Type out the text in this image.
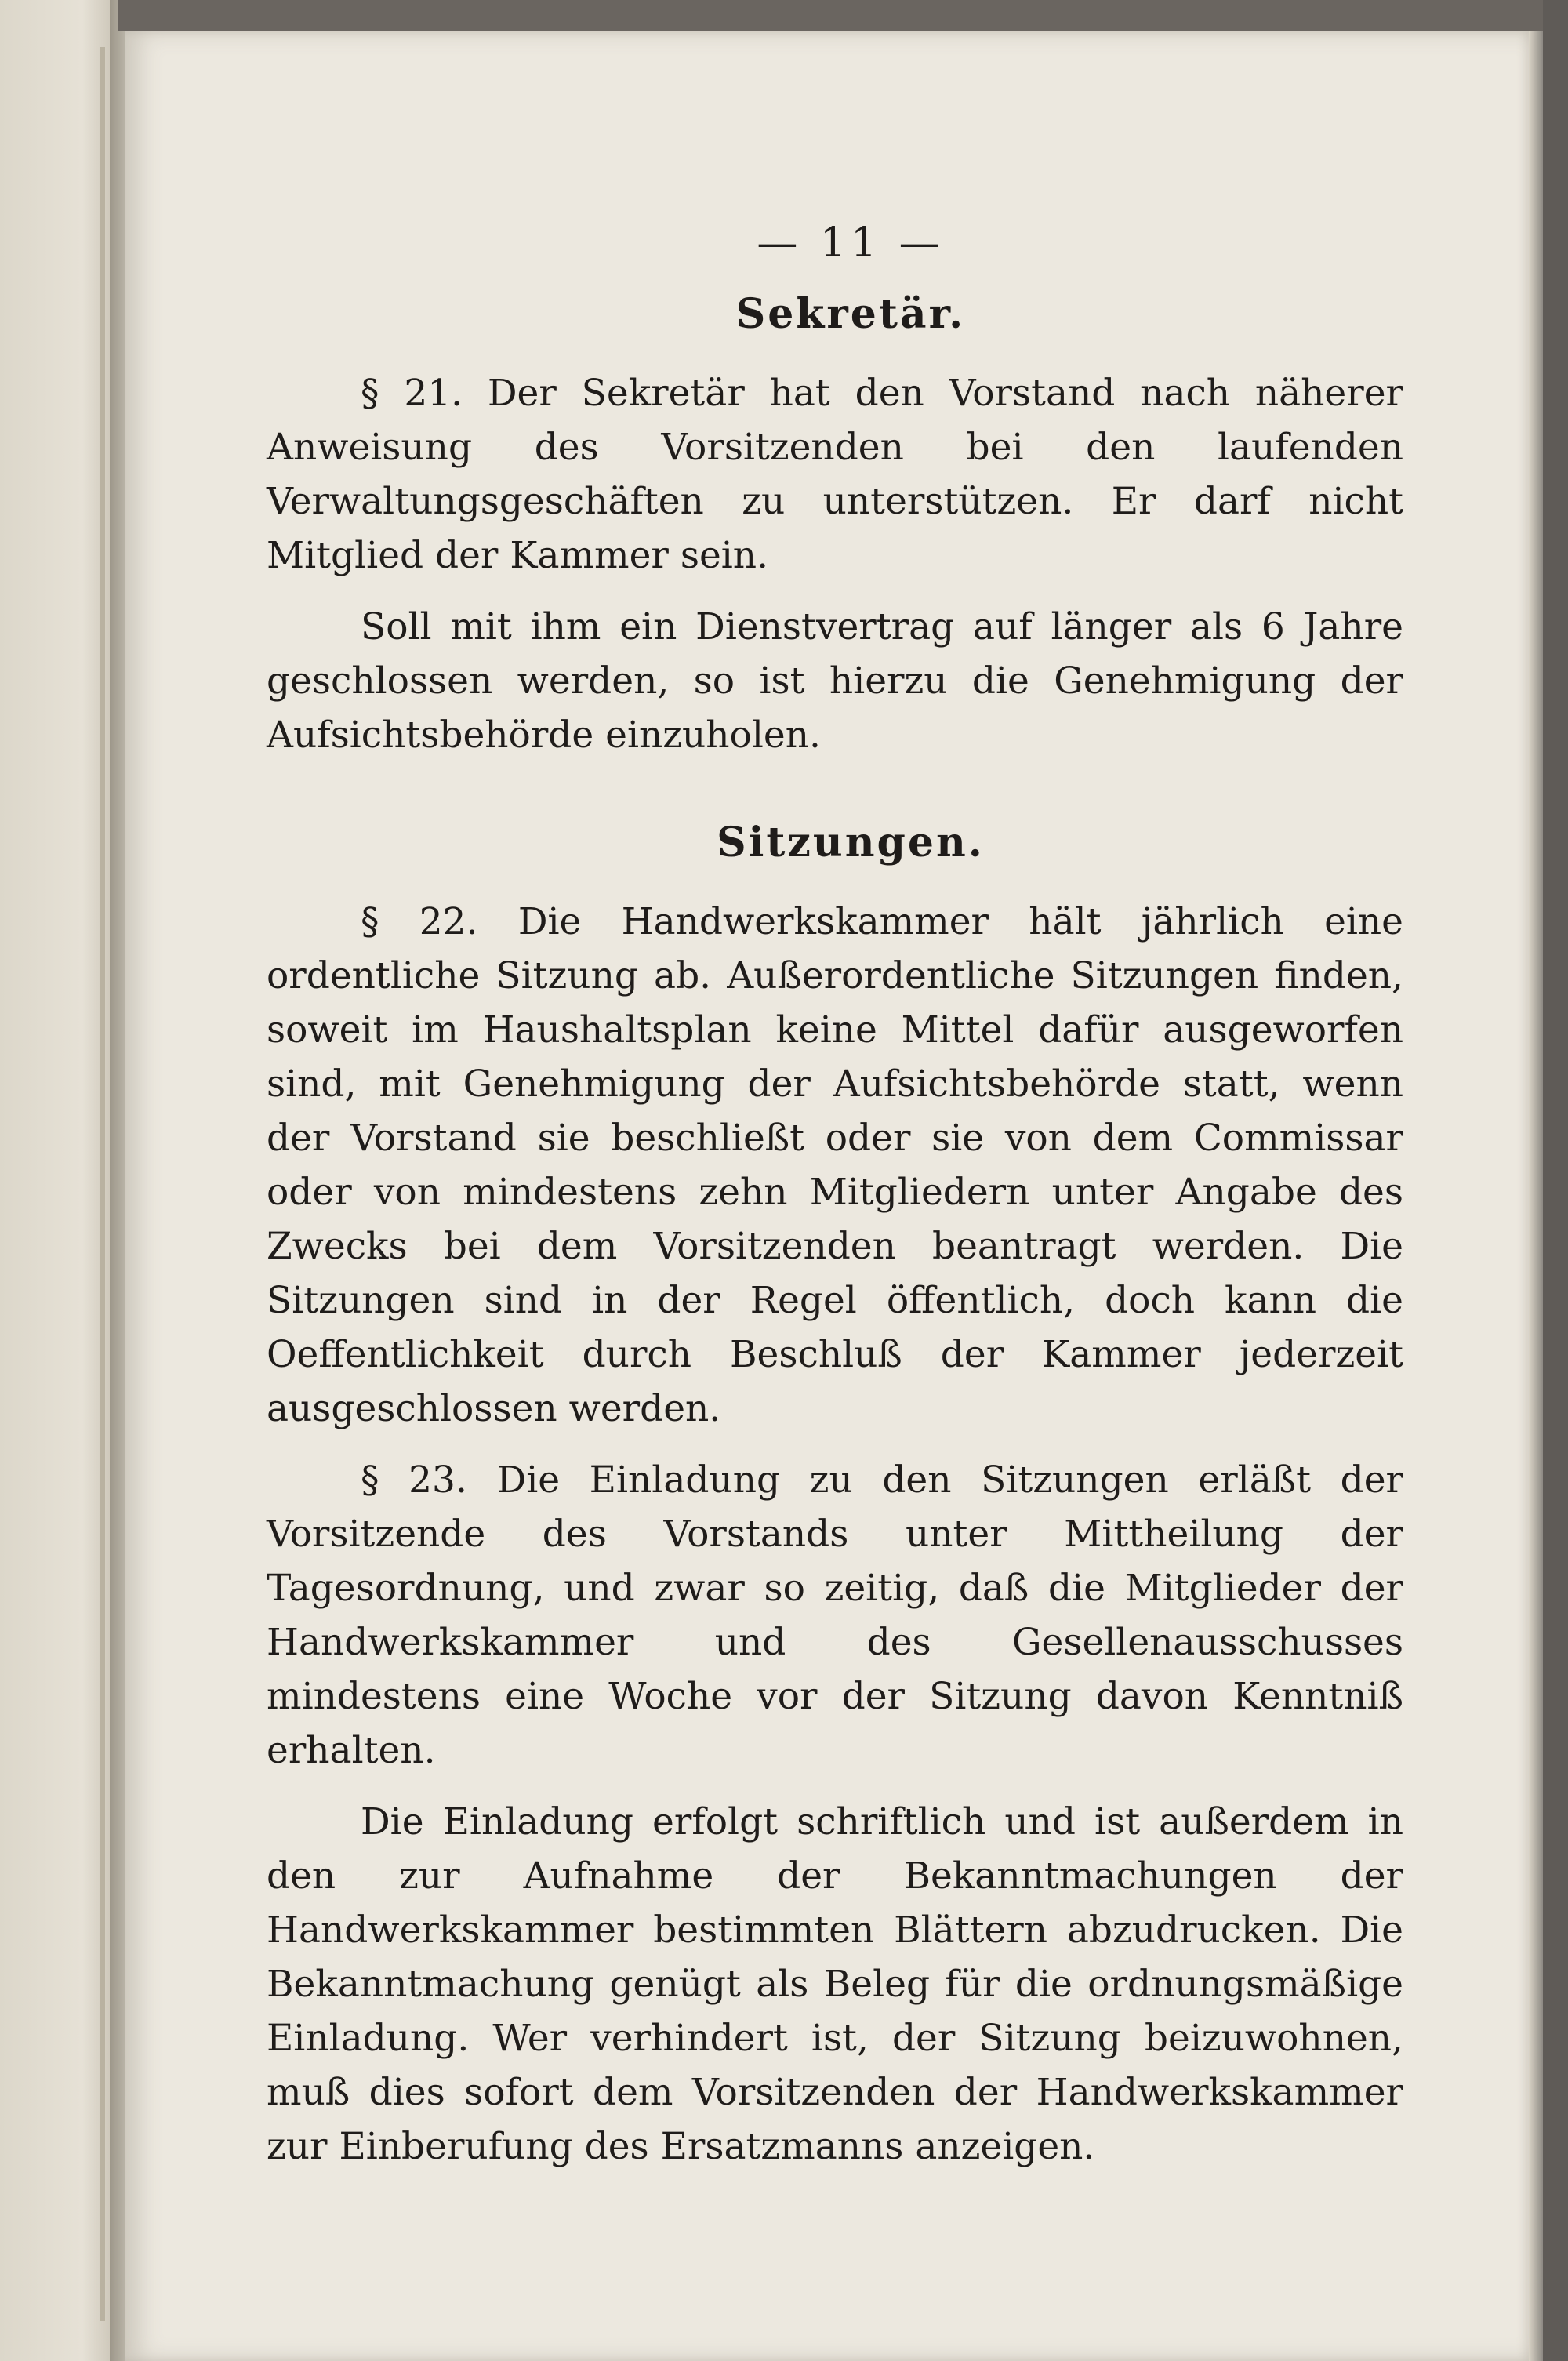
— 11 —
Sekretär.

§ 21. Der Sekretär hat den Vorstand nach näherer Anweisung des Vorsitzenden bei den laufenden Verwaltungsgeschäften zu unterstützen. Er darf nicht Mitglied der Kammer sein.

Soll mit ihm ein Dienstvertrag auf länger als 6 Jahre geschlossen werden, so ist hierzu die Genehmigung der Aufsichtsbehörde einzuholen.

Sitzungen.

§ 22. Die Handwerkskammer hält jährlich eine ordentliche Sitzung ab. Außerordentliche Sitzungen finden, soweit im Haushaltsplan keine Mittel dafür ausgeworfen sind, mit Genehmigung der Aufsichtsbehörde statt, wenn der Vorstand sie beschließt oder sie von dem Commissar oder von mindestens zehn Mitgliedern unter Angabe des Zwecks bei dem Vorsitzenden beantragt werden. Die Sitzungen sind in der Regel öffentlich, doch kann die Oeffentlichkeit durch Beschluß der Kammer jederzeit ausgeschlossen werden.

§ 23. Die Einladung zu den Sitzungen erläßt der Vorsitzende des Vorstands unter Mittheilung der Tagesordnung, und zwar so zeitig, daß die Mitglieder der Handwerkskammer und des Gesellenausschusses mindestens eine Woche vor der Sitzung davon Kenntniß erhalten.

Die Einladung erfolgt schriftlich und ist außerdem in den zur Aufnahme der Bekanntmachungen der Handwerkskammer bestimmten Blättern abzudrucken. Die Bekanntmachung genügt als Beleg für die ordnungsmäßige Einladung. Wer verhindert ist, der Sitzung beizuwohnen, muß dies sofort dem Vorsitzenden der Handwerkskammer zur Einberufung des Ersatzmanns anzeigen.
